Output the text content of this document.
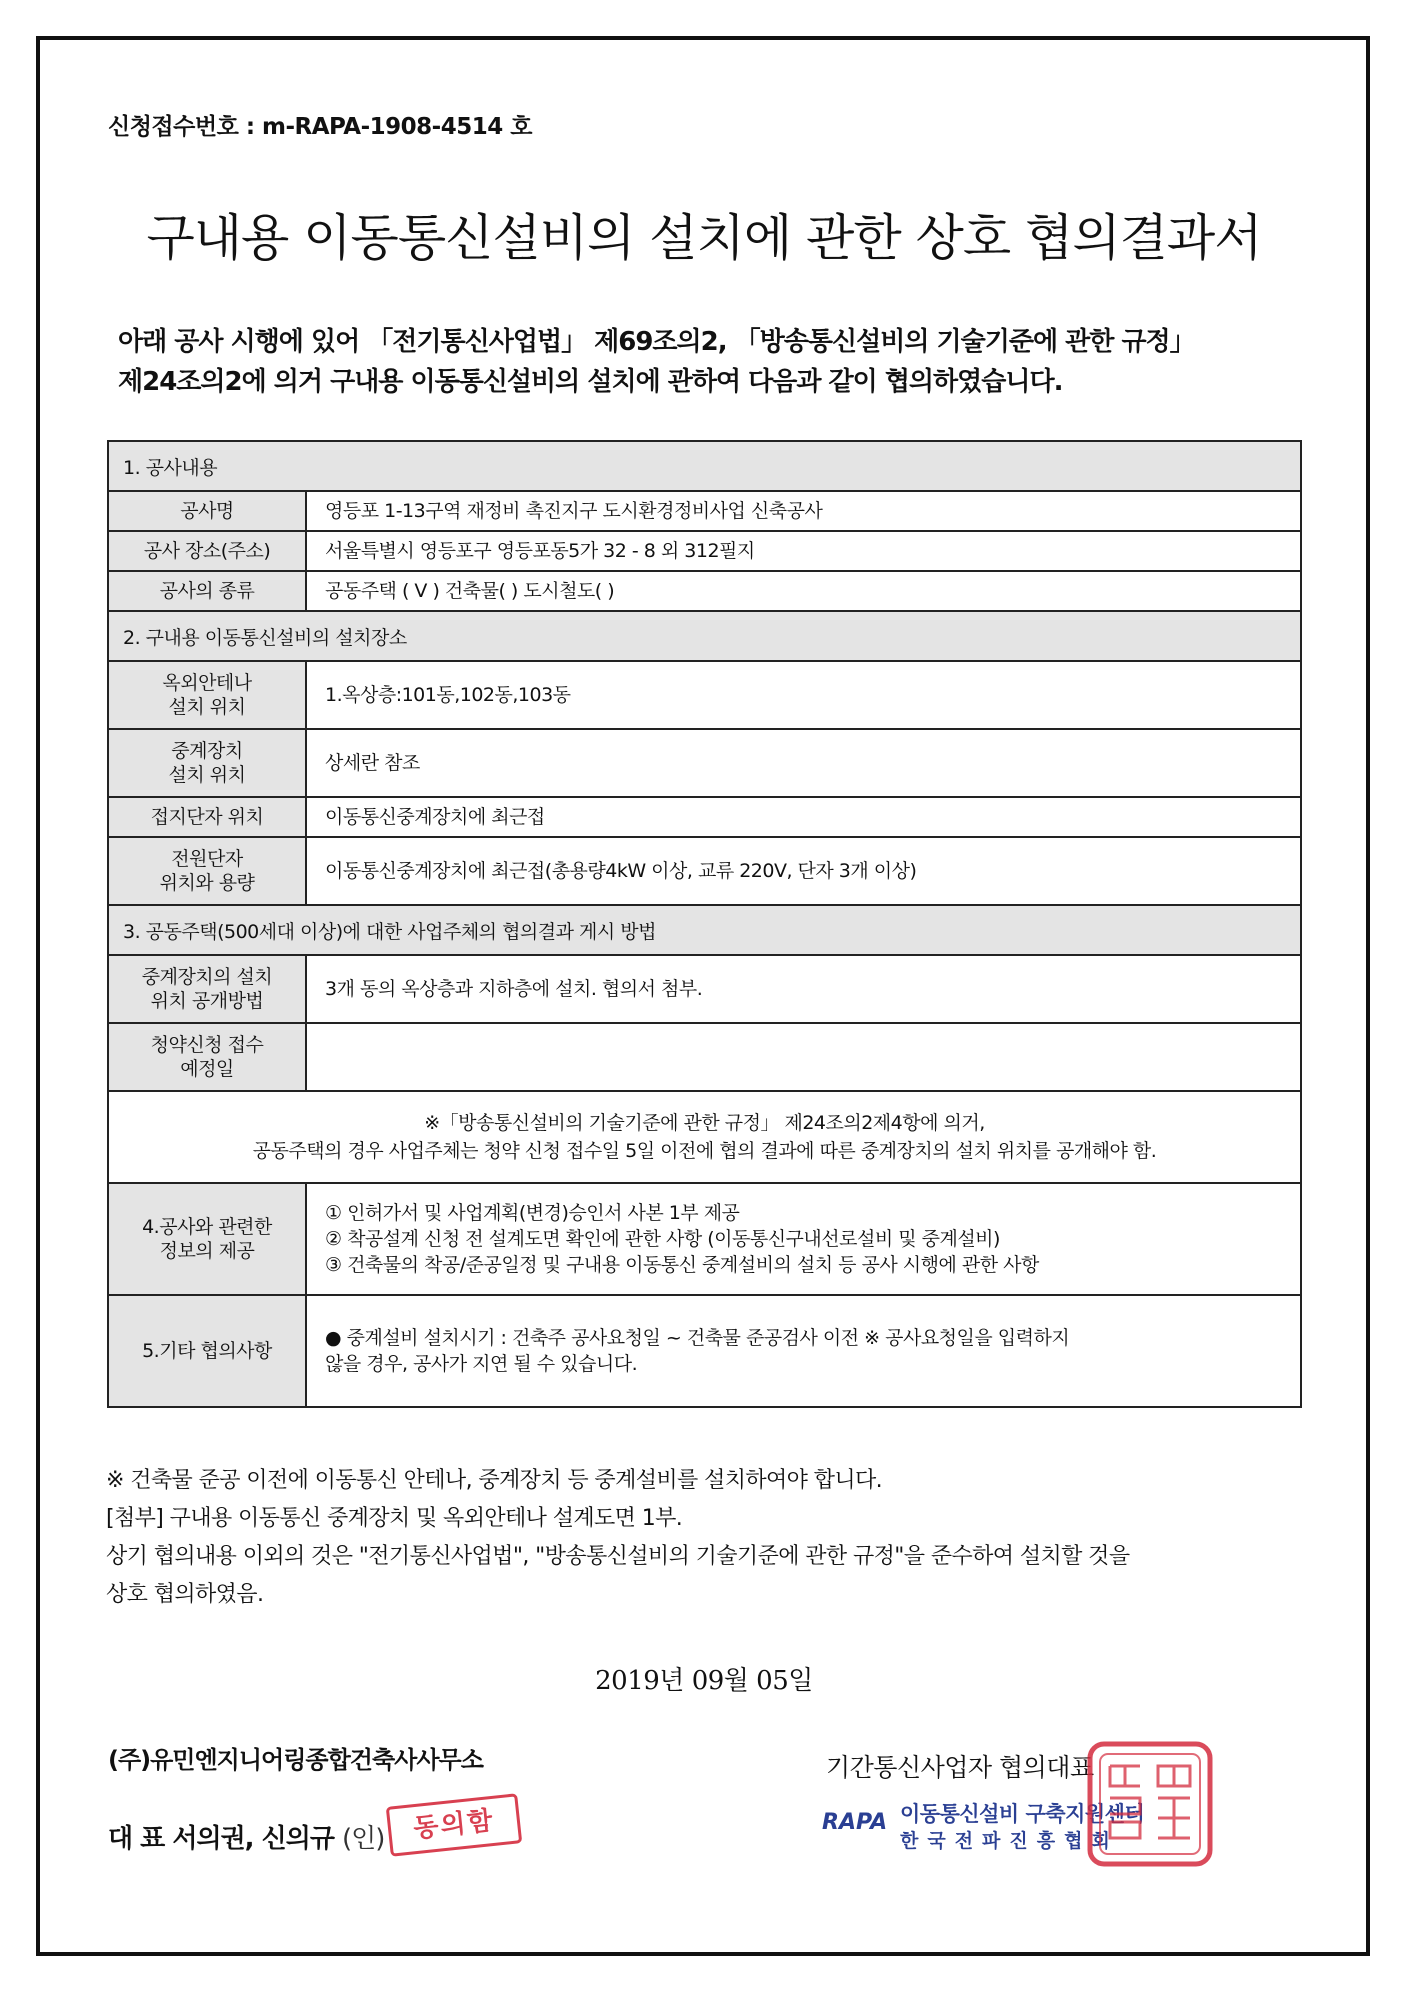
신청접수번호 : m-RAPA-1908-4514 호
구내용 이동통신설비의 설치에 관한 상호 협의결과서
아래 공사 시행에 있어 「전기통신사업법」 제69조의2, 「방송통신설비의 기술기준에 관한 규정」
제24조의2에 의거 구내용 이동통신설비의 설치에 관하여 다음과 같이 협의하였습니다.
1. 공사내용	
공사명	영등포 1-13구역 재정비 촉진지구 도시환경정비사업 신축공사
공사 장소(주소)	서울특별시 영등포구 영등포동5가 32 - 8 외 312필지
공사의 종류	공동주택 ( V ) 건축물( ) 도시철도( )
2. 구내용 이동통신설비의 설치장소	
옥외안테나
설치 위치	1.옥상층:101동,102동,103동
중계장치
설치 위치	상세란 참조
접지단자 위치	이동통신중계장치에 최근접
전원단자
위치와 용량	이동통신중계장치에 최근접(총용량4kW 이상, 교류 220V, 단자 3개 이상)
3. 공동주택(500세대 이상)에 대한 사업주체의 협의결과 게시 방법	
중계장치의 설치
위치 공개방법	3개 동의 옥상층과 지하층에 설치. 협의서 첨부.
청약신청 접수
예정일	
※「방송통신설비의 기술기준에 관한 규정」 제24조의2제4항에 의거,
공동주택의 경우 사업주체는 청약 신청 접수일 5일 이전에 협의 결과에 따른 중계장치의 설치 위치를 공개해야 함.	
4.공사와 관련한
정보의 제공	① 인허가서 및 사업계획(변경)승인서 사본 1부 제공
② 착공설계 신청 전 설계도면 확인에 관한 사항 (이동통신구내선로설비 및 중계설비)
③ 건축물의 착공/준공일정 및 구내용 이동통신 중계설비의 설치 등 공사 시행에 관한 사항
5.기타 협의사항	● 중계설비 설치시기 : 건축주 공사요청일 ~ 건축물 준공검사 이전 ※ 공사요청일을 입력하지
않을 경우, 공사가 지연 될 수 있습니다.
※ 건축물 준공 이전에 이동통신 안테나, 중계장치 등 중계설비를 설치하여야 합니다.
[첨부] 구내용 이동통신 중계장치 및 옥외안테나 설계도면 1부.
상기 협의내용 이외의 것은 "전기통신사업법", "방송통신설비의 기술기준에 관한 규정"을 준수하여 설치할 것을
상호 협의하였음.
2019년 09월 05일
(주)유민엔지니어링종합건축사사무소
대 표 서의권, 신의규 (인)	동의함
기간통신사업자 협의대표
RAPA 이동통신설비 구축지원센터
한국전파진흥협회
